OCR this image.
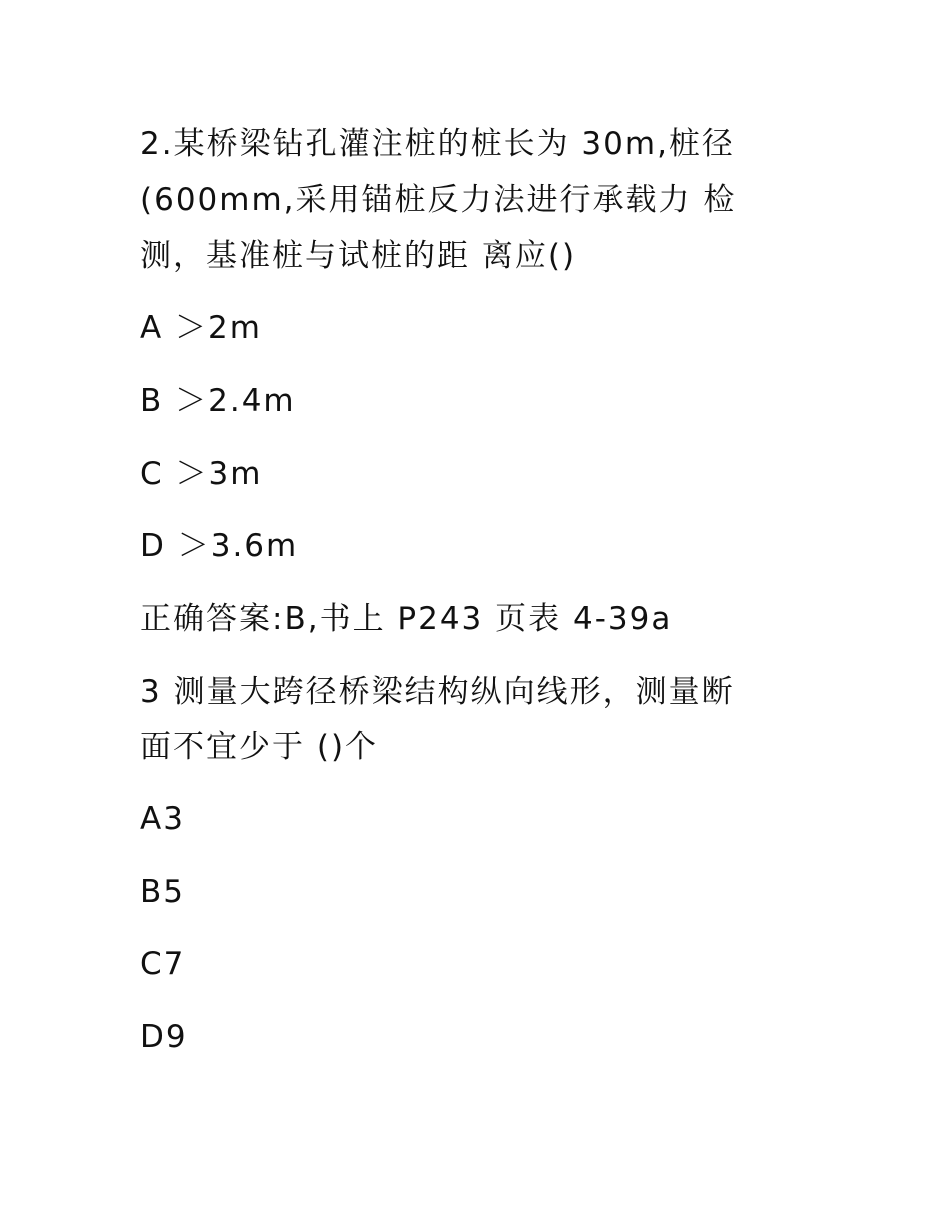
2.某桥梁钻孔灌注桩的桩长为 30m,桩径
(600mm,采用锚桩反力法进行承载力 检
测，基准桩与试桩的距 离应()
A ＞2m
B ＞2.4m
C ＞3m
D ＞3.6m
正确答案:B,书上 P243 页表 4-39a
3 测量大跨径桥梁结构纵向线形，测量断
面不宜少于 ()个
A3
B5
C7
D9
